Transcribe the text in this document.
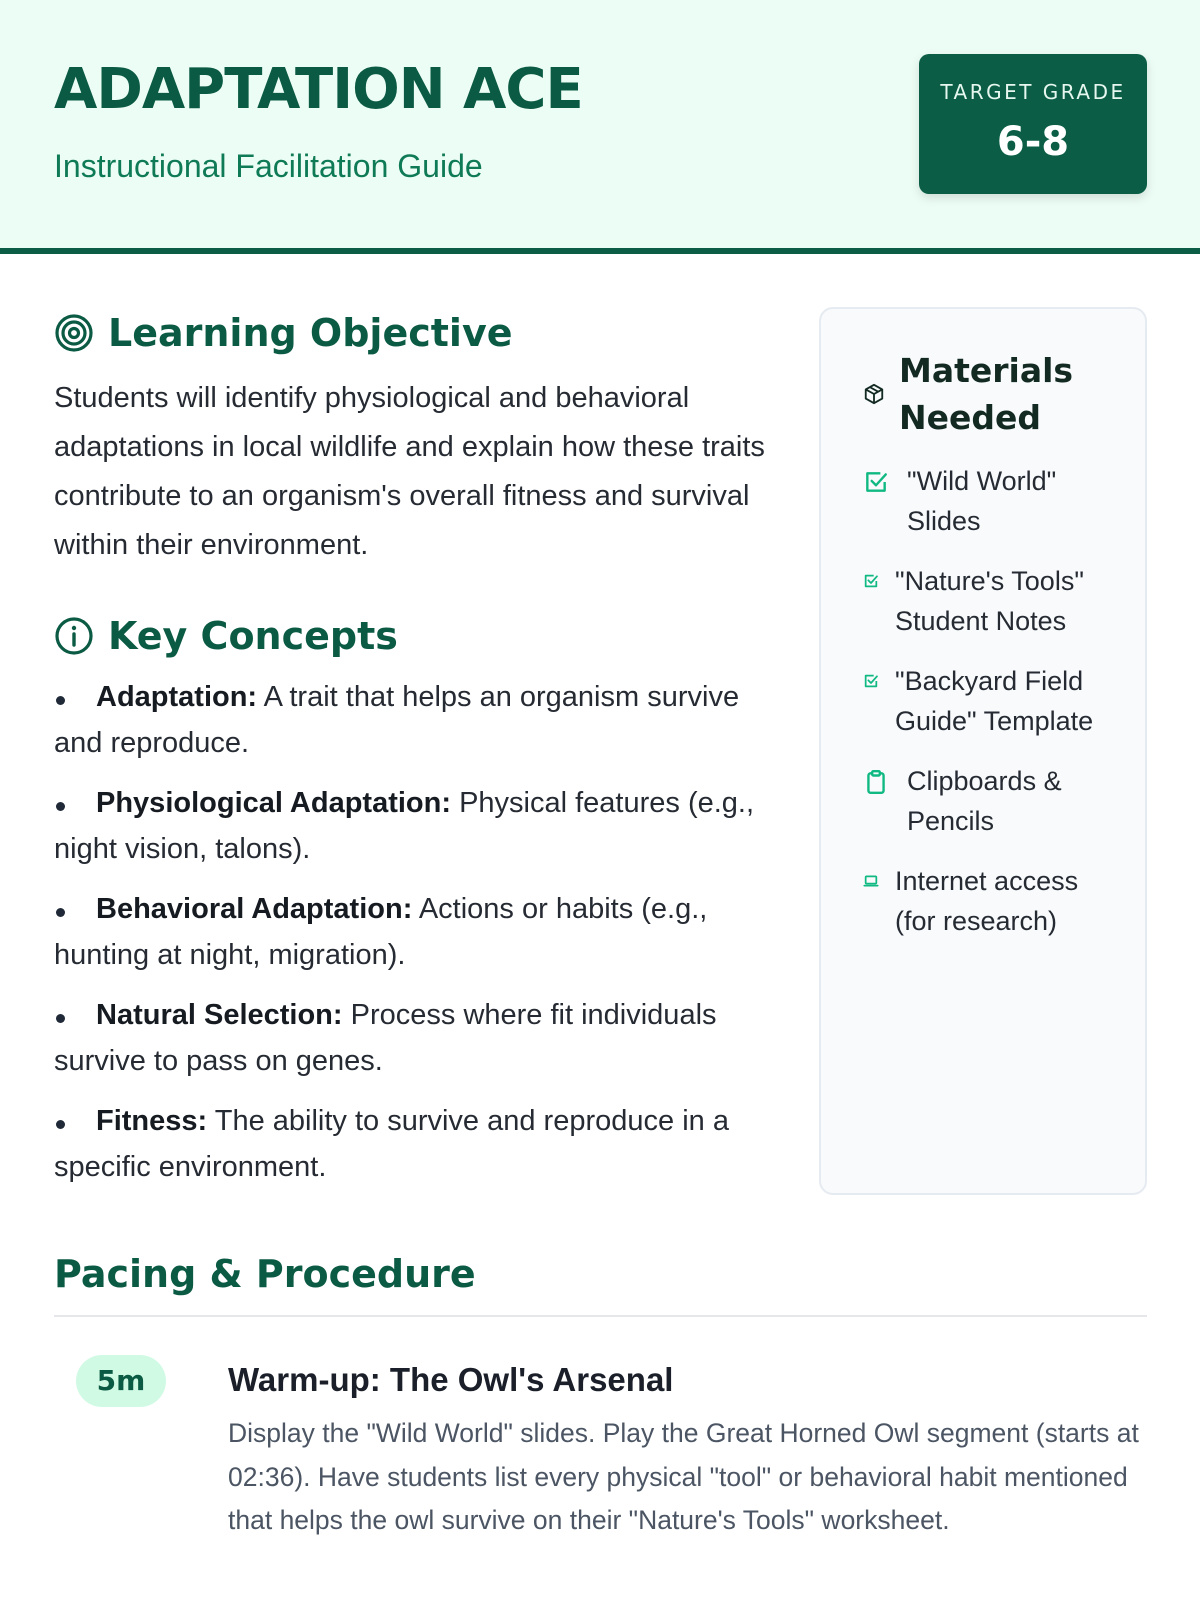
ADAPTATION ACE
Instructional Facilitation Guide
TARGET GRADE
6-8
Learning Objective

Students will identify physiological and behavioral adaptations in local wildlife and explain how these traits contribute to an organism's overall fitness and survival within their environment.

Key Concepts
Adaptation: A trait that helps an organism survive and reproduce.
Physiological Adaptation: Physical features (e.g., night vision, talons).
Behavioral Adaptation: Actions or habits (e.g., hunting at night, migration).
Natural Selection: Process where fit individuals survive to pass on genes.
Fitness: The ability to survive and reproduce in a specific environment.
Materials Needed
"Wild World" Slides
"Nature's Tools" Student Notes
"Backyard Field Guide" Template
Clipboards & Pencils
Internet access (for research)
Pacing & Procedure
5m	Warm-up: The Owl's Arsenal

Display the "Wild World" slides. Play the Great Horned Owl segment (starts at 02:36). Have students list every physical "tool" or behavioral habit mentioned that helps the owl survive on their "Nature's Tools" worksheet.
